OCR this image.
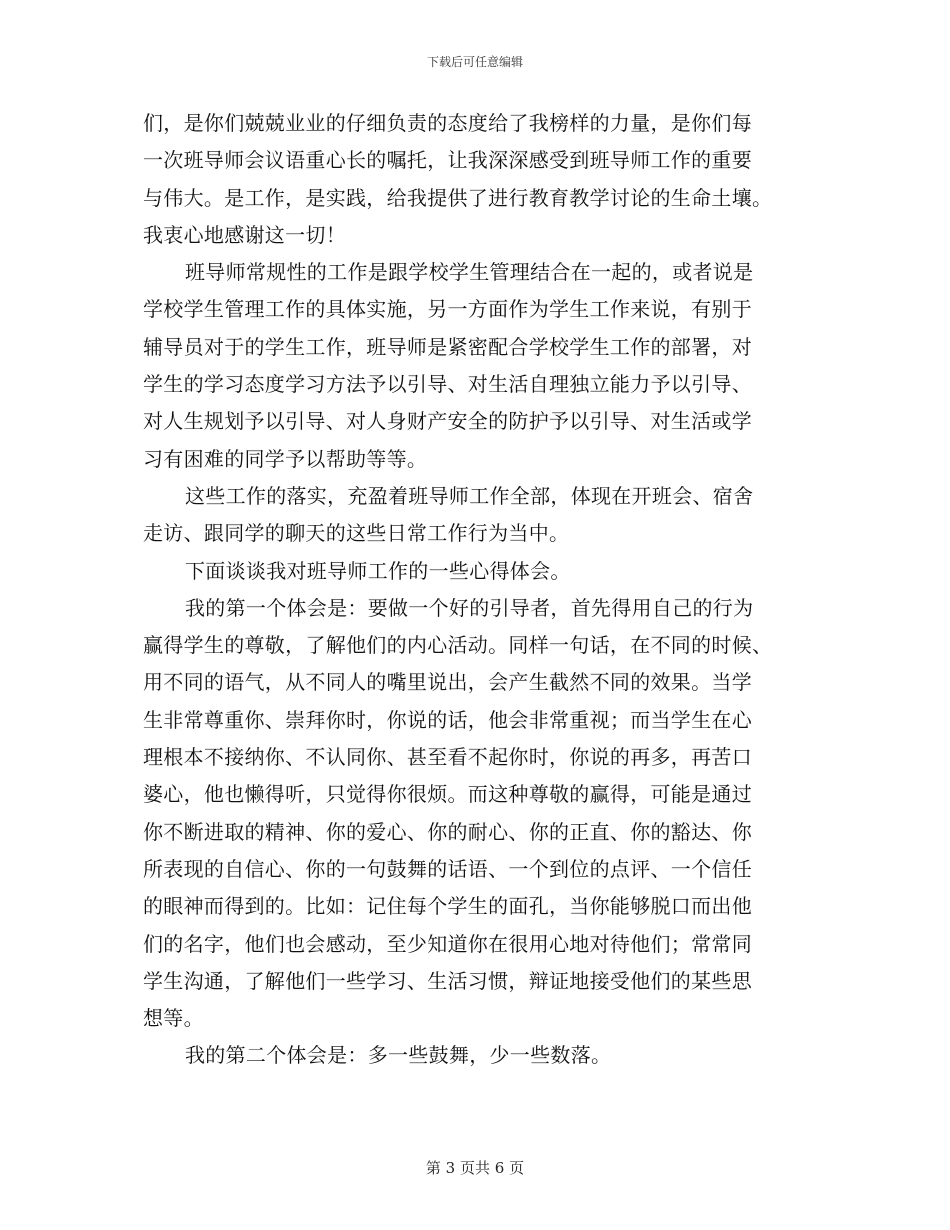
下载后可任意编辑
们，是你们兢兢业业的仔细负责的态度给了我榜样的力量，是你们每
一次班导师会议语重心长的嘱托，让我深深感受到班导师工作的重要
与伟大。是工作，是实践，给我提供了进行教育教学讨论的生命土壤。
我衷心地感谢这一切！
班导师常规性的工作是跟学校学生管理结合在一起的，或者说是
学校学生管理工作的具体实施，另一方面作为学生工作来说，有别于
辅导员对于的学生工作，班导师是紧密配合学校学生工作的部署，对
学生的学习态度学习方法予以引导、对生活自理独立能力予以引导、
对人生规划予以引导、对人身财产安全的防护予以引导、对生活或学
习有困难的同学予以帮助等等。
这些工作的落实，充盈着班导师工作全部，体现在开班会、宿舍
走访、跟同学的聊天的这些日常工作行为当中。
下面谈谈我对班导师工作的一些心得体会。
我的第一个体会是：要做一个好的引导者，首先得用自己的行为
赢得学生的尊敬，了解他们的内心活动。同样一句话，在不同的时候、
用不同的语气，从不同人的嘴里说出，会产生截然不同的效果。当学
生非常尊重你、崇拜你时，你说的话，他会非常重视；而当学生在心
理根本不接纳你、不认同你、甚至看不起你时，你说的再多，再苦口
婆心，他也懒得听，只觉得你很烦。而这种尊敬的赢得，可能是通过
你不断进取的精神、你的爱心、你的耐心、你的正直、你的豁达、你
所表现的自信心、你的一句鼓舞的话语、一个到位的点评、一个信任
的眼神而得到的。比如：记住每个学生的面孔，当你能够脱口而出他
们的名字，他们也会感动，至少知道你在很用心地对待他们；常常同
学生沟通，了解他们一些学习、生活习惯，辩证地接受他们的某些思
想等。
我的第二个体会是：多一些鼓舞，少一些数落。
第 3 页共 6 页
